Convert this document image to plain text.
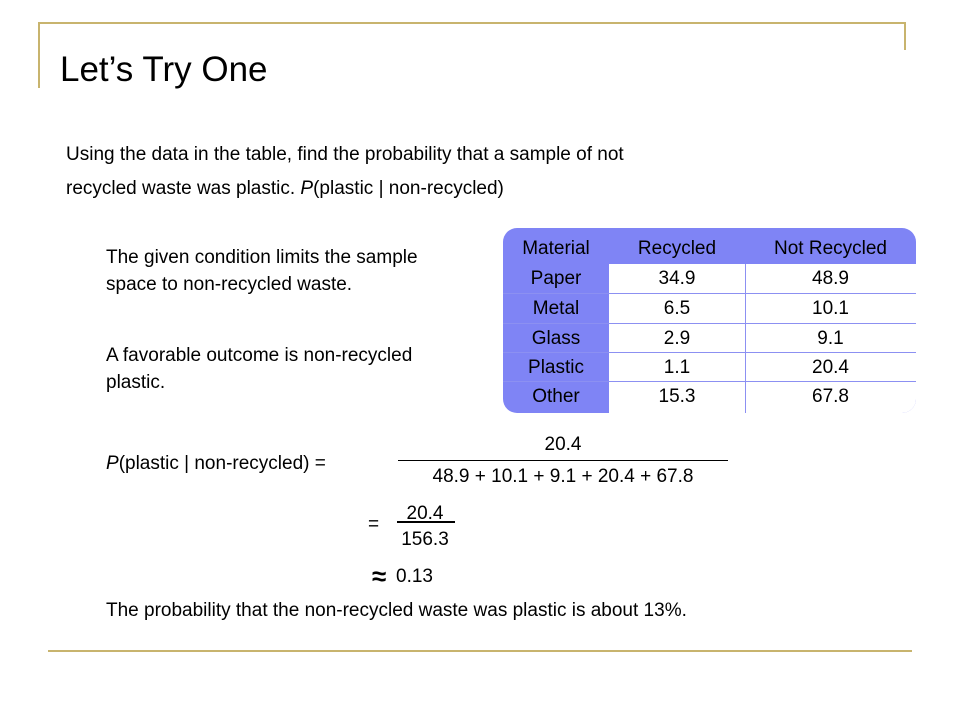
Let’s Try One
Using the data in the table, find the probability that a sample of not
recycled waste was plastic. P(plastic | non-recycled)
The given condition limits the sample space to non-recycled waste.
A favorable outcome is non-recycled plastic.
Material	Recycled	Not Recycled
Paper	34.9	48.9
Metal	6.5	10.1
Glass	2.9	9.1
Plastic	1.1	20.4
Other	15.3	67.8
P(plastic | non-recycled) =
20.4
48.9 + 10.1 + 9.1 + 20.4 + 67.8
=
20.4
156.3
≈ 0.13
The probability that the non-recycled waste was plastic is about 13%.
